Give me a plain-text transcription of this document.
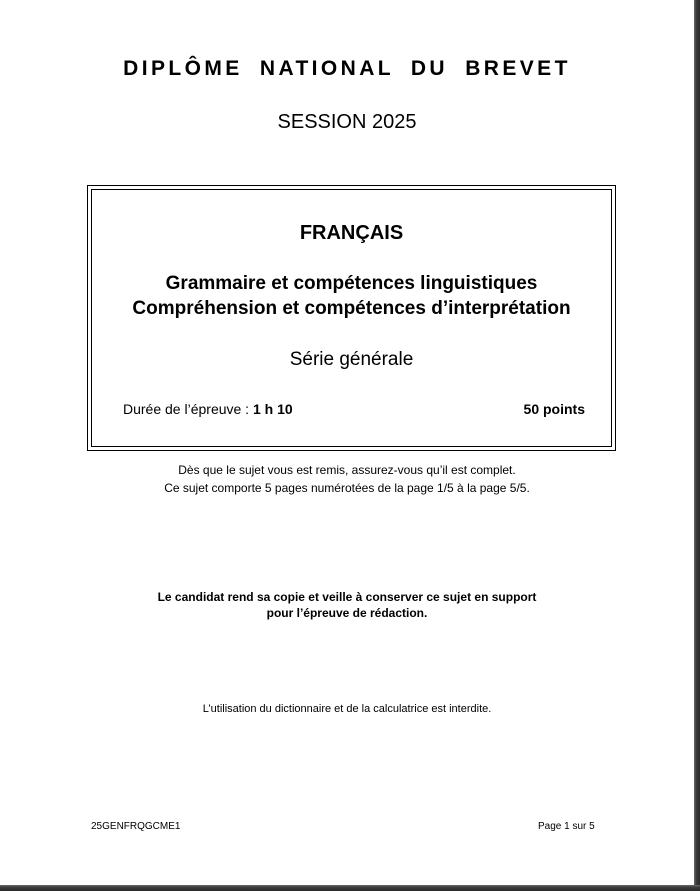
DIPLÔME NATIONAL DU BREVET
SESSION 2025
FRANÇAIS
Grammaire et compétences linguistiques
Compréhension et compétences d’interprétation
Série générale
Durée de l’épreuve : 1 h 10	50 points
Dès que le sujet vous est remis, assurez-vous qu’il est complet.
Ce sujet comporte 5 pages numérotées de la page 1/5 à la page 5/5.
Le candidat rend sa copie et veille à conserver ce sujet en support
pour l’épreuve de rédaction.
L’utilisation du dictionnaire et de la calculatrice est interdite.
25GENFRQGCME1	Page 1 sur 5
